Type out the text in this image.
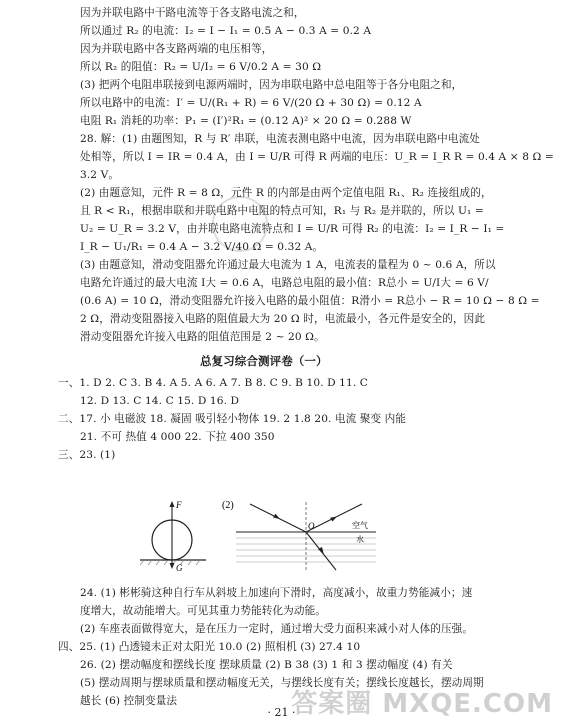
因为并联电路中干路电流等于各支路电流之和，
所以通过 R₂ 的电流：I₂ = I − I₁ = 0.5 A − 0.3 A = 0.2 A
因为并联电路中各支路两端的电压相等，
所以 R₂ 的阻值：R₂ = U/I₂ = 6 V/0.2 A = 30 Ω
(3) 把两个电阻串联接到电源两端时，因为串联电路中总电阻等于各分电阻之和，
所以电路中的电流：I′ = U/(R₁ + R) = 6 V/(20 Ω + 30 Ω) = 0.12 A
电阻 R₁ 消耗的功率：P₁ = (I′)²R₁ = (0.12 A)² × 20 Ω = 0.288 W
28. 解：(1) 由题图知，R 与 R′ 串联，电流表测电路中电流，因为串联电路中电流处
处相等，所以 I = IR = 0.4 A，由 I = U/R 可得 R 两端的电压：U_R = I_R R = 0.4 A × 8 Ω =
3.2 V。
(2) 由题意知，元件 R = 8 Ω，元件 R 的内部是由两个定值电阻 R₁、R₂ 连接组成的，
且 R < R₁，根据串联和并联电路中电阻的特点可知，R₁ 与 R₂ 是并联的，所以 U₁ =
U₂ = U_R = 3.2 V，由并联电路电流特点和 I = U/R 可得 R₂ 的电流：I₂ = I_R − I₁ =
I_R − U₁/R₁ = 0.4 A − 3.2 V/40 Ω = 0.32 A。
(3) 由题意知，滑动变阻器允许通过最大电流为 1 A，电流表的量程为 0 ~ 0.6 A，所以
电路允许通过的最大电流 I大 = 0.6 A，电路总电阻的最小值：R总小 = U/I大 = 6 V/
(0.6 A) = 10 Ω，滑动变阻器允许接入电路的最小阻值：R滑小 = R总小 − R = 10 Ω − 8 Ω =
2 Ω，滑动变阻器接入电路的阻值最大为 20 Ω 时，电流最小，各元件是安全的，因此
滑动变阻器允许接入电路的阻值范围是 2 ~ 20 Ω。
总复习综合测评卷（一）
一、1. D 2. C 3. B 4. A 5. A 6. A 7. B 8. C 9. B 10. D 11. C
12. D 13. C 14. C 15. D 16. D
二、17. 小 电磁波 18. 凝固 吸引轻小物体 19. 2 1.8 20. 电流 聚变 内能
21. 不可 热值 4 000 22. 下拉 400 350
三、23. (1)
F
G
(2)
O	空气
水
24. (1) 彬彬骑这种自行车从斜坡上加速向下滑时，高度减小，故重力势能减小；速
度增大，故动能增大。可见其重力势能转化为动能。
(2) 车座表面做得宽大，是在压力一定时，通过增大受力面积来减小对人体的压强。
四、25. (1) 凸透镜未正对太阳光 10.0 (2) 照相机 (3) 27.4 10
26. (2) 摆动幅度和摆线长度 摆球质量 (2) B 38 (3) 1 和 3 摆动幅度 (4) 有关
(5) 摆动周期与摆球质量和摆动幅度无关，与摆线长度有关；摆线长度越长，摆动周期
越长 (6) 控制变量法
· 21 ·
答案圈 MXQE.COM
